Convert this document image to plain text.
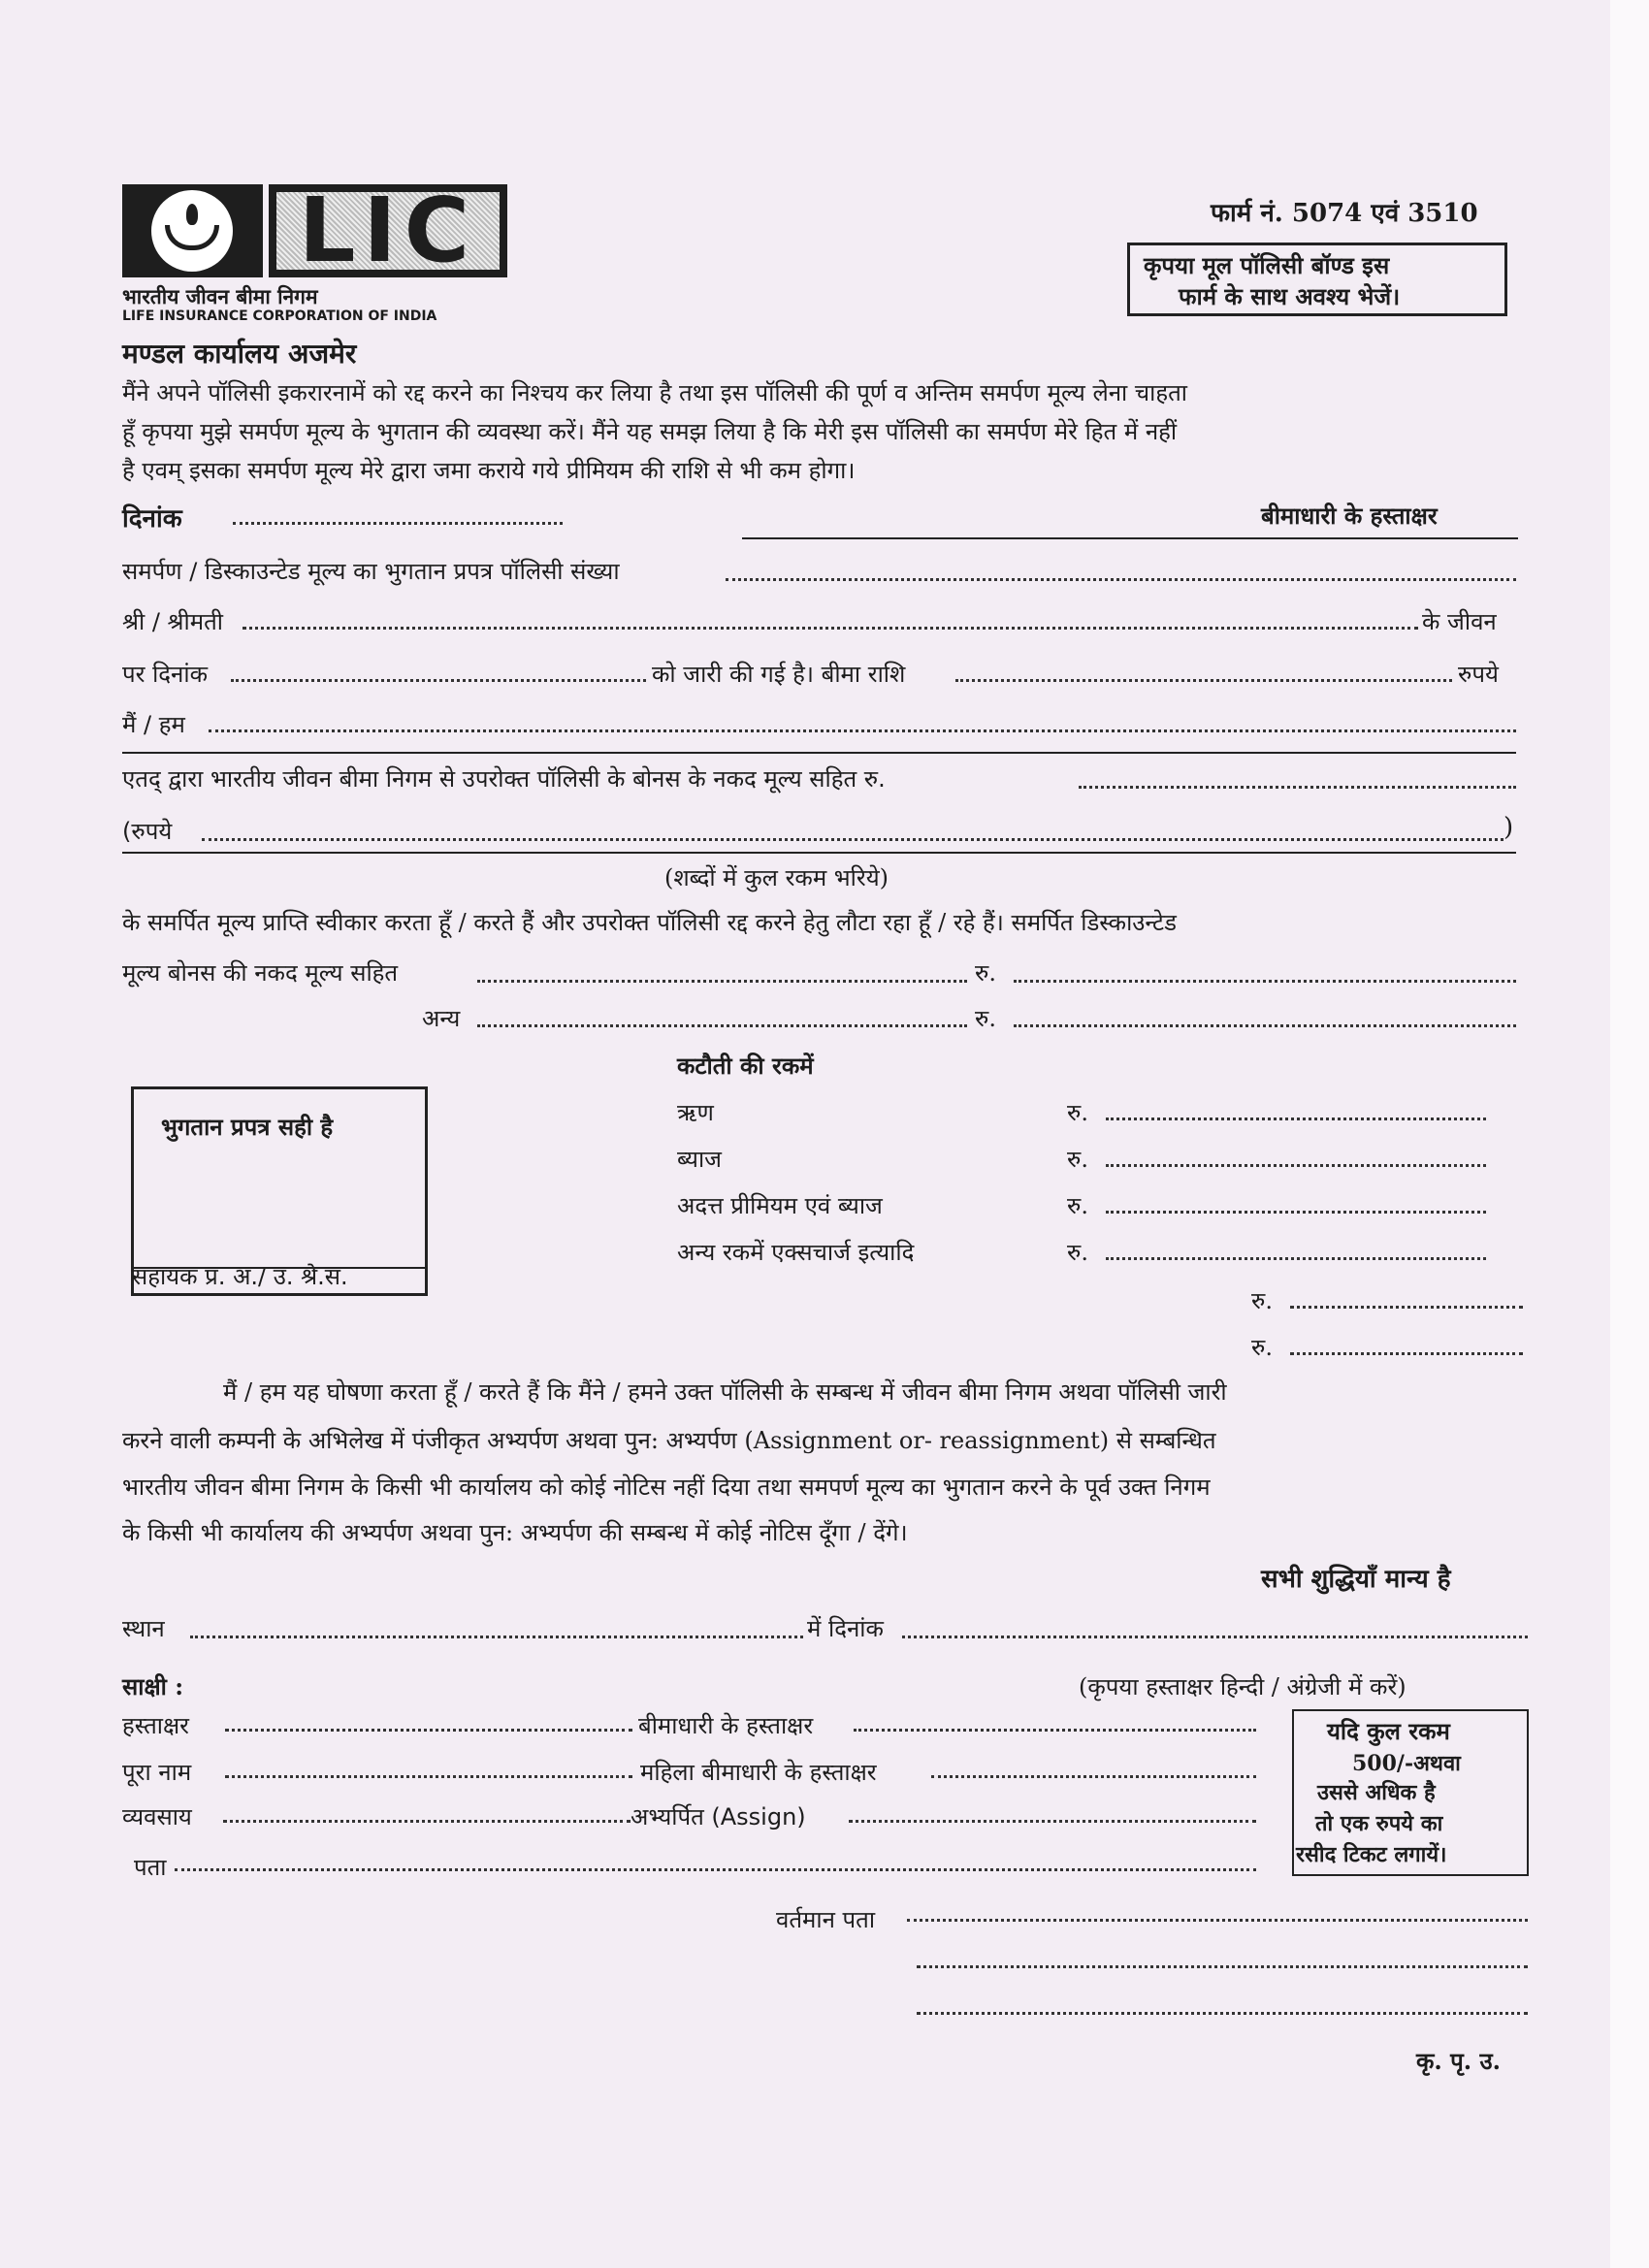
LIC
भारतीय जीवन बीमा निगम
LIFE INSURANCE CORPORATION OF INDIA
फार्म नं. 5074 एवं 3510
कृपया मूल पॉलिसी बॉण्ड इस
फार्म के साथ अवश्य भेजें।
मण्डल कार्यालय अजमेर
मैंने अपने पॉलिसी इकरारनामें को रद्द करने का निश्चय कर लिया है तथा इस पॉलिसी की पूर्ण व अन्तिम समर्पण मूल्य लेना चाहता
हूँ कृपया मुझे समर्पण मूल्य के भुगतान की व्यवस्था करें। मैंने यह समझ लिया है कि मेरी इस पॉलिसी का समर्पण मेरे हित में नहीं
है एवम् इसका समर्पण मूल्य मेरे द्वारा जमा कराये गये प्रीमियम की राशि से भी कम होगा।
दिनांक	बीमाधारी के हस्ताक्षर
समर्पण / डिस्काउन्टेड मूल्य का भुगतान प्रपत्र पॉलिसी संख्या
श्री / श्रीमती	के जीवन
पर दिनांक	को जारी की गई है। बीमा राशि	रुपये
मैं / हम
एतद् द्वारा भारतीय जीवन बीमा निगम से उपरोक्त पॉलिसी के बोनस के नकद मूल्य सहित रु.
(रुपये	)
(शब्दों में कुल रकम भरिये)
के समर्पित मूल्य प्राप्ति स्वीकार करता हूँ / करते हैं और उपरोक्त पॉलिसी रद्द करने हेतु लौटा रहा हूँ / रहे हैं। समर्पित डिस्काउन्टेड
मूल्य बोनस की नकद मूल्य सहित	रु.
अन्य	रु.
कटौती की रकमें
ऋण	रु.
ब्याज	रु.
अदत्त प्रीमियम एवं ब्याज	रु.
अन्य रकमें एक्सचार्ज इत्यादि	रु.
रु.
रु.
भुगतान प्रपत्र सही है
सहायक प्र. अ./ उ. श्रे.स.
मैं / हम यह घोषणा करता हूँ / करते हैं कि मैंने / हमने उक्त पॉलिसी के सम्बन्ध में जीवन बीमा निगम अथवा पॉलिसी जारी
करने वाली कम्पनी के अभिलेख में पंजीकृत अभ्यर्पण अथवा पुन: अभ्यर्पण (Assignment or- reassignment) से सम्बन्धित
भारतीय जीवन बीमा निगम के किसी भी कार्यालय को कोई नोटिस नहीं दिया तथा समपर्ण मूल्य का भुगतान करने के पूर्व उक्त निगम
के किसी भी कार्यालय की अभ्यर्पण अथवा पुन: अभ्यर्पण की सम्बन्ध में कोई नोटिस दूँगा / देंगे।
सभी शुद्धियाँ मान्य है
स्थान	में दिनांक
साक्षी :	(कृपया हस्ताक्षर हिन्दी / अंग्रेजी में करें)
हस्ताक्षर	बीमाधारी के हस्ताक्षर
पूरा नाम	महिला बीमाधारी के हस्ताक्षर
व्यवसाय	अभ्यर्पित (Assign)
पता
यदि कुल रकम
500/-अथवा
उससे अधिक है
तो एक रुपये का
रसीद टिकट लगायें।
वर्तमान पता
कृ. पृ. उ.
